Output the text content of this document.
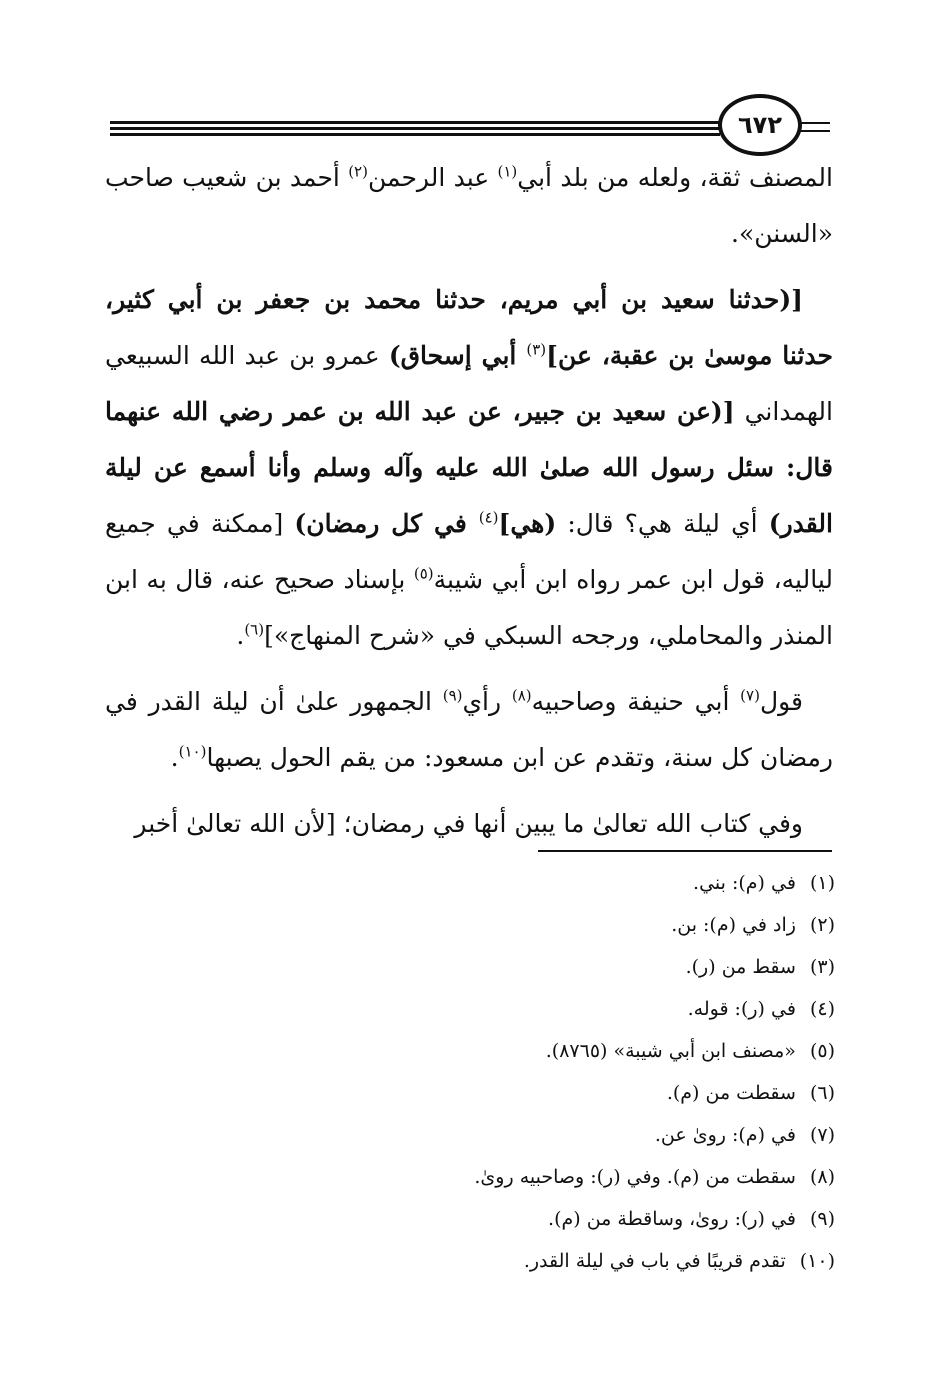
٦٧٢

المصنف ثقة، ولعله من بلد أبي$^{(١)}$ عبد الرحمن$^{(٢)}$ أحمد بن شعيب صاحب «السنن».

[(حدثنا سعيد بن أبي مريم، حدثنا محمد بن جعفر بن أبي كثير، حدثنا موسىٰ بن عقبة، عن]$^{(٣)}$ أبي إسحاق) عمرو بن عبد الله السبيعي الهمداني [(عن سعيد بن جبير، عن عبد الله بن عمر رضي الله عنهما قال: سئل رسول الله صلىٰ الله عليه وآله وسلم وأنا أسمع عن ليلة القدر) أي ليلة هي؟ قال: (هي]$^{(٤)}$ في كل رمضان) [ممكنة في جميع لياليه، قول ابن عمر رواه ابن أبي شيبة$^{(٥)}$ بإسناد صحيح عنه، قال به ابن المنذر والمحاملي، ورجحه السبكي في «شرح المنهاج»]$^{(٦)}$.

قول$^{(٧)}$ أبي حنيفة وصاحبيه$^{(٨)}$ رأي$^{(٩)}$ الجمهور علىٰ أن ليلة القدر في رمضان كل سنة، وتقدم عن ابن مسعود: من يقم الحول يصبها$^{(١٠)}$.

وفي كتاب الله تعالىٰ ما يبين أنها في رمضان؛ [لأن الله تعالىٰ أخبر

(١)في (م): بني.
(٢)زاد في (م): بن.
(٣)سقط من (ر).
(٤)في (ر): قوله.
(٥)«مصنف ابن أبي شيبة» (٨٧٦٥).
(٦)سقطت من (م).
(٧)في (م): روىٰ عن.
(٨)سقطت من (م). وفي (ر): وصاحبيه روىٰ.
(٩)في (ر): روىٰ، وساقطة من (م).
(١٠)تقدم قريبًا في باب في ليلة القدر.
